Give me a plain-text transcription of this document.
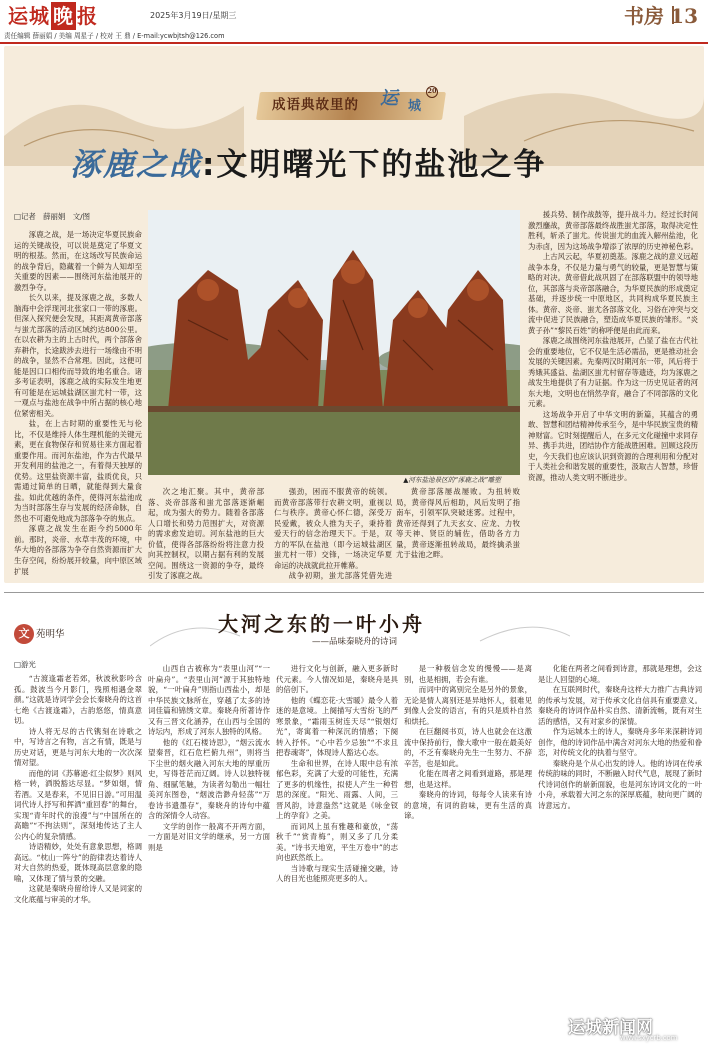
运城 晚 报	2025年3月19日/星期三	书房 13
责任编辑 薛丽娟 / 美编 周星子 / 校对 王 鼎 / E-mail:ycwbjtsh@126.com
成语典故里的 运 城
20
涿鹿之战:文明曙光下的盐池之争
□记者　薛丽娟　文/图

涿鹿之战，是一场决定华夏民族命运的关键战役，可以说是奠定了华夏文明的根基。然而，在这场改写民族命运的战争背后，隐藏着一个鲜为人知却至关重要的因素——围绕河东盐池展开的激烈争夺。

长久以来，提及涿鹿之战，多数人脑海中会浮现河北张家口一带的涿鹿。但深入探究便会发现，其距离黄帝部落与蚩尤部落的活动区域约达800公里。在以农耕为主的上古时代，两个部落舍弃耕作，长途跋涉去进行一场缘由不明的战争，显然不合常理。因此，这便可能是因口口相传而导致的地名重合。诸多考证表明，涿鹿之战的实际发生地更有可能是在运城盐湖区蚩尤村一带，这一观点与盐池在战争中所占据的核心地位紧密相关。

盐，在上古时期的重要性无与伦比，不仅是维持人体生理机能的关键元素，更在食物保存和贸易往来方面起着重要作用。而河东盐池，作为古代最早开发利用的盐池之一，有着得天独厚的优势。这里盐资源丰富，盐质优良，只需通过简单的日晒，就能得到大量食盐。如此优越的条件，使得河东盐池成为当时部落生存与发展的经济命脉，自然也不可避免地成为部落争夺的焦点。

涿鹿之战发生在距今约5000年前。那时，炎帝、水草丰茂的环境，中华大地的各部落为争夺自然资源而扩大生存空间，纷纷展开较量，向中原区域扩展

▲河东盐池景区的“涿鹿之战”雕塑

次之地汇聚。其中，黄帝部落、炎帝部落和蚩尤部落逐渐崛起，成为强大的势力。随着各部落人口增长和势力范围扩大，对资源的需求愈发迫切。河东盐池的巨大价值，使得各部落纷纷将注意力投向其控制权，以期占据有利的发展空间。围绕这一资源的争夺，最终引发了涿鹿之战。

强劲，困而不服黄帝的统领。而黄帝部落带行农耕文明，重视以仁与秩序。黄帝心怀仁德，深受万民爱戴，被众人推为天子，秉持着爱天行的信念治理天下。于是，双方的军队在盐池（即今运城盐湖区蚩尤村一带）交锋，一场决定华夏命运的决战就此拉开帷幕。

战争初期，蚩尤部落凭借先进

黄帝部落屡战屡败。为扭转败局，黄帝得风后相助，风后发明了指南车，引领军队突破迷雾。过程中，黄帝还得到了九天玄女、应龙、力牧等天神、贤臣的辅佐，借助各方力量，黄帝逐渐扭转战局，最终擒杀蚩尤于盐池之畔。

援兵势、制作战鼓等，提升战斗力。经过长时间激烈鏖战，黄帝部落最终战胜蚩尤部落，取得决定性胜利，斩杀了蚩尤。传说蚩尤的血流入解州盐池，化为赤卤，因为这场战争增添了浓厚的历史神秘色彩。

上古风云起，华夏初奠基。涿鹿之战的意义远超战争本身，不仅是力量与勇气的较量，更是智慧与策略的对决。黄帝借此战巩固了在部落联盟中的领导地位，其部落与炎帝部落融合，为华夏民族的形成奠定基础，并逐步统一中原地区，共同构成华夏民族主体。黄帝、炎帝、蚩尤各部落文化、习俗在冲突与交流中促进了民族融合，塑造成华夏民族的雏形。“炎黄子孙”“黎民百姓”的称呼便是由此而来。

涿鹿之战围绕河东盐池展开，凸显了盐在古代社会的重要地位，它不仅是生活必需品，更是推动社会发展的关键因素。先秦两汉时期河东一带，风后将于秀娥其盛益、盐湖区蚩尤村留存等遗迹，均为涿鹿之战发生地提供了有力证据。作为这一历史见证者的河东大地，文明也在悄然孕育，融合了不同部落的文化元素。

这场战争开启了中华文明的新篇，其蕴含的勇敢、智慧和团结精神传承至今，是中华民族宝贵的精神财富。它时刻提醒后人，在多元文化碰撞中求同存异、携手共进，团结协作方能战胜困难。回顾这段历史，今天我们也应该认识到资源的合理利用和分配对于人类社会和谐发展的重要性，汲取古人智慧，珍惜资源，推动人类文明不断进步。

文 苑明华	大河之东的一叶小舟
——品味秦晓舟的诗词
□游光

“古渡逢霜老若郊，秋波秋影吟含孤。鼓波当今月影门，残照相遇金翠颜。”这就是诗词学会会长秦晓舟的这首七绝《古渡逢霜》，古韵悠悠，情真意切。

诗人将无尽的古代镌刻在诗歌之中，写诗言之有物，言之有情，既是与历史对话，更是与河东大地的一次次深情对望。

而他的词《苏幕遮·红尘似梦》则风格一转，洒脱豁达尽显。“梦如烟，情若酒。又是春来，不见旧日游。”可用温词代诗人抒写和挥洒“重回春”的舞台，实现“青年时代的浪漫”与“中国所在的高瞻”“不拘法则”，深刻地传达了主人公内心的复杂情感。

诗语精妙，处处有意象思想，格调高远。“枕山一阵兮”的韵律表达着诗人对大自然的热爱，既体现高层意象的隐喻，又体现了情与景的交融。

这就是秦晓舟留给诗人又是词家的文化底蕴与审美的才华。

山西自古被称为“表里山河”“一叶扁舟”。“表里山河”源于其独特地貌，“一叶扁舟”则指山西盐小，却是中华民族文脉所在，穿越了太多的诗词佳篇和锦绣文章。秦晓舟所著诗作又有三晋文化涵养，在山西与全国的诗坛内，形成了河东人独特的风格。

他的《红石楼诗思》，“烟云流水望秦晋，红石危栏俯九州”，则将当下尘世的烟火融入河东大地的厚重历史，写得苍茫而辽阔。诗人以独特视角、细腻笔触，为读者勾勒出一幅壮美河东图卷，“烟波浩渺舟轻荡”“万卷诗书遗墨存”，秦晓舟的诗句中蕴含的深情令人动容。

文学的创作一般离不开两方面，一方面是对旧文学的继承，另一方面则是

进行文化与创新，融入更多新时代元素。今人情况如是，秦晓舟是具的倍创下。

他的《蝶恋花·大雪暖》最令人着迷的是意境。上阕描写大雪纷飞的严寒景象，“霜雨玉树连天尽”“银烟灯光”，寄寓着一种深沉的情感；下阕转入抒怀。“心中若少忌独”“不求且把春魂寄”，体现诗人豁达心态。

生命和世界，在诗人眼中总有浓郁色彩，充满了大爱的可能性，充满了更多的机缘性，拟使人产生一种哲思的深度。“阳光、雨露、人间，三晋风韵，诗意盎然”这就是《咏金钗上的孕育》之美。

而词风上虽有雅趣和豪放，“荡秋千”“赏青梅”，则又多了几分柔美。“诗书天地宽，平生万卷中”的志向也跃然纸上。

当诗歌与现实生活碰撞交融，诗人的目光也能照亮更多的人。

是一种极信念发的慢慢——是离别，也是相拥，若会有谁。

而词中的离别完全是另外的景象，无论是情人离别还是异地怀人，很难见到像人会发的语言，有的只是质朴自然和烘托。

在巨翻阅书页，诗人也就会在这激流中保持前行，像大歌中一般在最美好的，不乏有秦晓舟先生一生努力、不辞辛苦，也是如此。

化能在周者之间看到道路，那是理想，也是这样。

秦晓舟的诗词，每每令人读来有诗的意境，有词的韵味，更有生活的真谛。

化能在两者之间看到诗意，那就是理想，会这是让人回望的心境。

在互联网时代，秦晓舟这样大力推广古典诗词的传承与发展，对于传承文化自信具有重要意义。秦晓舟的诗词作品朴实自然、清新流畅，既有对生活的感悟，又有对家乡的深情。

作为运城本土的诗人，秦晓舟多年来深耕诗词创作，他的诗词作品中满含对河东大地的热爱和眷恋，对传统文化的执着与坚守。

秦晓舟是个从心出发的诗人。他的诗词在传承传统韵味的同时，不断融入时代气息，展现了新时代诗词创作的崭新面貌，也是河东诗词文化的一叶小舟，承载着大河之东的深厚底蕴，驶向更广阔的诗意远方。

运城新闻网
www.sxycrb.com
